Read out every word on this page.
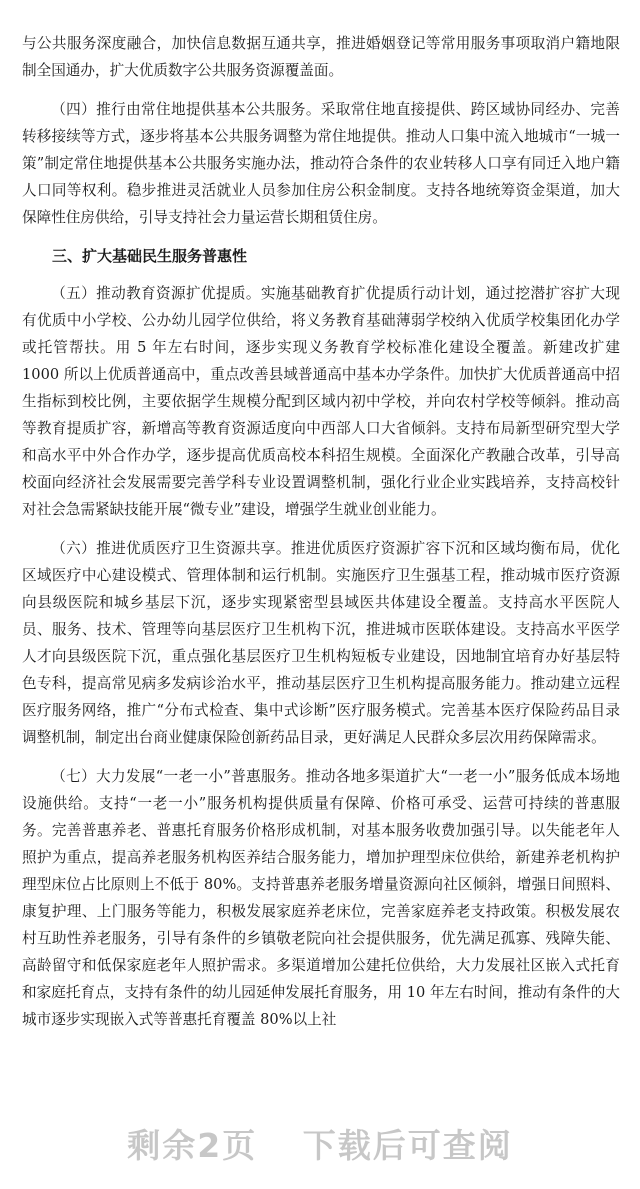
与公共服务深度融合，加快信息数据互通共享，推进婚姻登记等常用服务事项取消户籍地限制全国通办，扩大优质数字公共服务资源覆盖面。

（四）推行由常住地提供基本公共服务。采取常住地直接提供、跨区域协同经办、完善转移接续等方式，逐步将基本公共服务调整为常住地提供。推动人口集中流入地城市“一城一策”制定常住地提供基本公共服务实施办法，推动符合条件的农业转移人口享有同迁入地户籍人口同等权利。稳步推进灵活就业人员参加住房公积金制度。支持各地统筹资金渠道，加大保障性住房供给，引导支持社会力量运营长期租赁住房。

三、扩大基础民生服务普惠性

（五）推动教育资源扩优提质。实施基础教育扩优提质行动计划，通过挖潜扩容扩大现有优质中小学校、公办幼儿园学位供给，将义务教育基础薄弱学校纳入优质学校集团化办学或托管帮扶。用 5 年左右时间，逐步实现义务教育学校标准化建设全覆盖。新建改扩建 1000 所以上优质普通高中，重点改善县域普通高中基本办学条件。加快扩大优质普通高中招生指标到校比例，主要依据学生规模分配到区域内初中学校，并向农村学校等倾斜。推动高等教育提质扩容，新增高等教育资源适度向中西部人口大省倾斜。支持布局新型研究型大学和高水平中外合作办学，逐步提高优质高校本科招生规模。全面深化产教融合改革，引导高校面向经济社会发展需要完善学科专业设置调整机制，强化行业企业实践培养，支持高校针对社会急需紧缺技能开展“微专业”建设，增强学生就业创业能力。

（六）推进优质医疗卫生资源共享。推进优质医疗资源扩容下沉和区域均衡布局，优化区域医疗中心建设模式、管理体制和运行机制。实施医疗卫生强基工程，推动城市医疗资源向县级医院和城乡基层下沉，逐步实现紧密型县域医共体建设全覆盖。支持高水平医院人员、服务、技术、管理等向基层医疗卫生机构下沉，推进城市医联体建设。支持高水平医学人才向县级医院下沉，重点强化基层医疗卫生机构短板专业建设，因地制宜培育办好基层特色专科，提高常见病多发病诊治水平，推动基层医疗卫生机构提高服务能力。推动建立远程医疗服务网络，推广“分布式检查、集中式诊断”医疗服务模式。完善基本医疗保险药品目录调整机制，制定出台商业健康保险创新药品目录，更好满足人民群众多层次用药保障需求。

（七）大力发展“一老一小”普惠服务。推动各地多渠道扩大“一老一小”服务低成本场地设施供给。支持“一老一小”服务机构提供质量有保障、价格可承受、运营可持续的普惠服务。完善普惠养老、普惠托育服务价格形成机制，对基本服务收费加强引导。以失能老年人照护为重点，提高养老服务机构医养结合服务能力，增加护理型床位供给，新建养老机构护理型床位占比原则上不低于 80%。支持普惠养老服务增量资源向社区倾斜，增强日间照料、康复护理、上门服务等能力，积极发展家庭养老床位，完善家庭养老支持政策。积极发展农村互助性养老服务，引导有条件的乡镇敬老院向社会提供服务，优先满足孤寡、残障失能、高龄留守和低保家庭老年人照护需求。多渠道增加公建托位供给，大力发展社区嵌入式托育和家庭托育点，支持有条件的幼儿园延伸发展托育服务，用 10 年左右时间，推动有条件的大城市逐步实现嵌入式等普惠托育覆盖 80%以上社

剩余2页 下载后可查阅
